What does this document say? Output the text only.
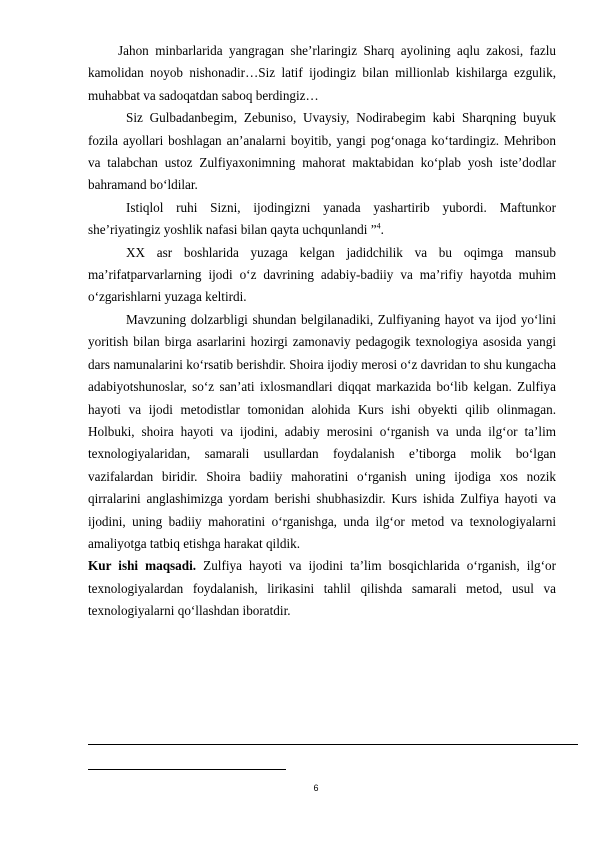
Jahon minbarlarida yangragan she’rlaringiz Sharq ayolining aqlu zakosi, fazlu kamolidan noyob nishonadir…Siz latif ijodingiz bilan millionlab kishilarga ezgulik, muhabbat va sadoqatdan saboq berdingiz…

Siz Gulbadanbegim, Zebuniso, Uvaysiy, Nodirabegim kabi Sharqning buyuk fozila ayollari boshlagan an’analarni boyitib, yangi pog‘onaga ko‘tardingiz. Mehribon va talabchan ustoz Zulfiyaxonimning mahorat maktabidan ko‘plab yosh iste’dodlar bahramand bo‘ldilar.

Istiqlol ruhi Sizni, ijodingizni yanada yashartirib yubordi. Maftunkor she’riyatingiz yoshlik nafasi bilan qayta uchqunlandi ”$^4$.

XX asr boshlarida yuzaga kelgan jadidchilik va bu oqimga mansub ma’rifatparvarlarning ijodi o‘z davrining adabiy-badiiy va ma’rifiy hayotda muhim o‘zgarishlarni yuzaga keltirdi.

Mavzuning dolzarbligi shundan belgilanadiki, Zulfiyaning hayot va ijod yo‘lini yoritish bilan birga asarlarini hozirgi zamonaviy pedagogik texnologiya asosida yangi dars namunalarini ko‘rsatib berishdir. Shoira ijodiy merosi o‘z davridan to shu kungacha adabiyotshunoslar, so‘z san’ati ixlosmandlari diqqat markazida bo‘lib kelgan. Zulfiya hayoti va ijodi metodistlar tomonidan alohida Kurs ishi obyekti qilib olinmagan. Holbuki, shoira hayoti va ijodini, adabiy merosini o‘rganish va unda ilg‘or ta’lim texnologiyalaridan, samarali usullardan foydalanish e’tiborga molik bo‘lgan vazifalardan biridir. Shoira badiiy mahoratini o‘rganish uning ijodiga xos nozik qirralarini anglashimizga yordam berishi shubhasizdir. Kurs ishida Zulfiya hayoti va ijodini, uning badiiy mahoratini o‘rganishga, unda ilg‘or metod va texnologiyalarni amaliyotga tatbiq etishga harakat qildik.

Kur ishi maqsadi. Zulfiya hayoti va ijodini ta’lim bosqichlarida o‘rganish, ilg‘or texnologiyalardan foydalanish, lirikasini tahlil qilishda samarali metod, usul va texnologiyalarni qo‘llashdan iboratdir.

6
